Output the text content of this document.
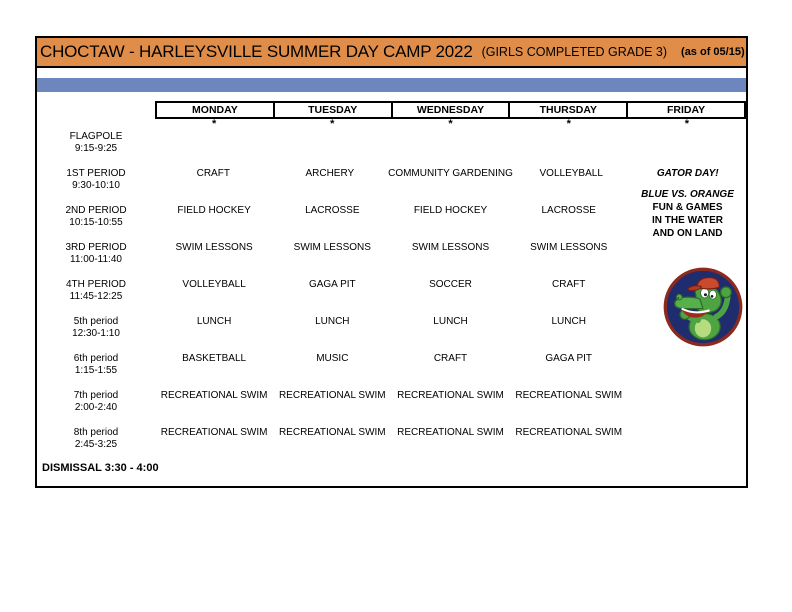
CHOCTAW - HARLEYSVILLE SUMMER DAY CAMP 2022 (GIRLS COMPLETED GRADE 3) (as of 05/15)
MONDAY	TUESDAY	WEDNESDAY	THURSDAY	FRIDAY
*	*	*	*	*
FLAGPOLE
9:15-9:25
1ST PERIOD
9:30-10:10
CRAFT	ARCHERY	COMMUNITY GARDENING	VOLLEYBALL	GATOR DAY!
2ND PERIOD
10:15-10:55
FIELD HOCKEY	LACROSSE	FIELD HOCKEY	LACROSSE
3RD PERIOD
11:00-11:40
SWIM LESSONS	SWIM LESSONS	SWIM LESSONS	SWIM LESSONS
4TH PERIOD
11:45-12:25
VOLLEYBALL	GAGA PIT	SOCCER	CRAFT
5th period
12:30-1:10
LUNCH	LUNCH	LUNCH	LUNCH
6th period
1:15-1:55
BASKETBALL	MUSIC	CRAFT	GAGA PIT
7th period
2:00-2:40
RECREATIONAL SWIM	RECREATIONAL SWIM	RECREATIONAL SWIM	RECREATIONAL SWIM
8th period
2:45-3:25
RECREATIONAL SWIM	RECREATIONAL SWIM	RECREATIONAL SWIM	RECREATIONAL SWIM
BLUE VS. ORANGE
FUN & GAMES
IN THE WATER
AND ON LAND
DISMISSAL 3:30 - 4:00
